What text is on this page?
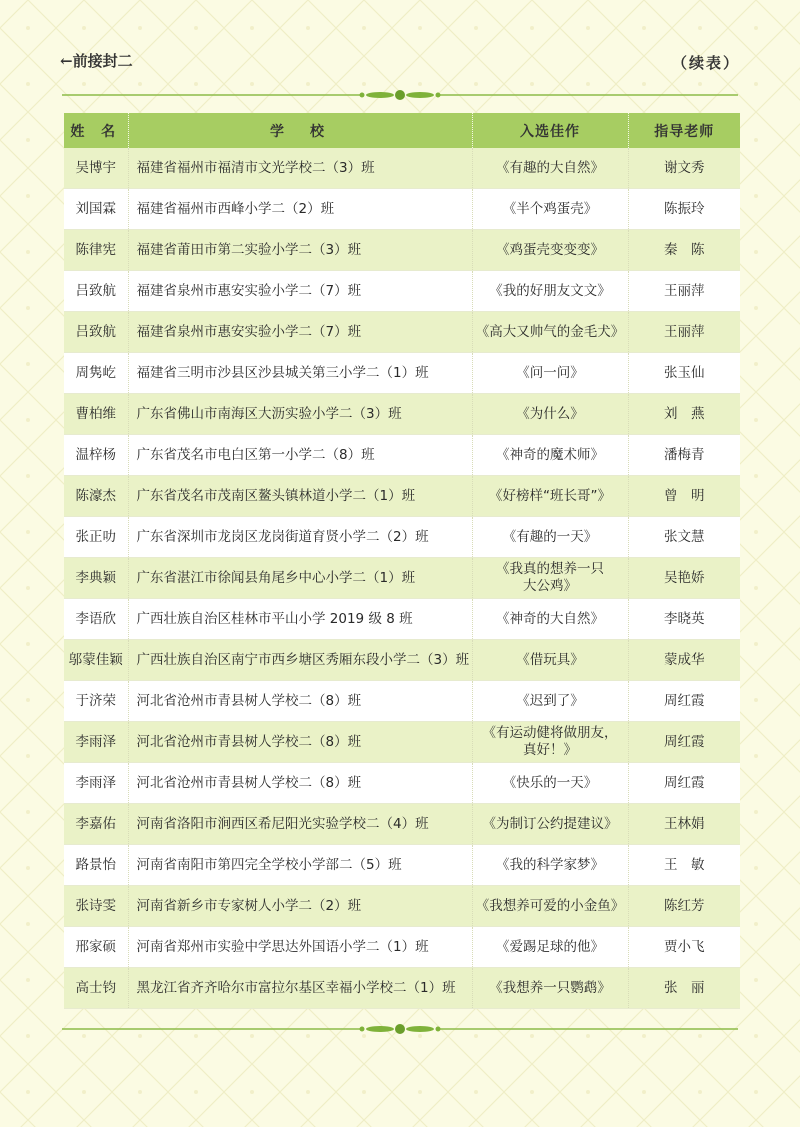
←前接封二	（续表）
姓 名	学　校	入选佳作	指导老师
吴博宇	福建省福州市福清市文光学校二（3）班	《有趣的大自然》	谢文秀
刘国霖	福建省福州市西峰小学二（2）班	《半个鸡蛋壳》	陈振玲
陈律宪	福建省莆田市第二实验小学二（3）班	《鸡蛋壳变变变》	秦　陈
吕致航	福建省泉州市惠安实验小学二（7）班	《我的好朋友文文》	王丽萍
吕致航	福建省泉州市惠安实验小学二（7）班	《高大又帅气的金毛犬》	王丽萍
周隽屹	福建省三明市沙县区沙县城关第三小学二（1）班	《问一问》	张玉仙
曹柏维	广东省佛山市南海区大沥实验小学二（3）班	《为什么》	刘　燕
温梓杨	广东省茂名市电白区第一小学二（8）班	《神奇的魔术师》	潘梅青
陈濠杰	广东省茂名市茂南区鳌头镇林道小学二（1）班	《好榜样“班长哥”》	曾　明
张正叻	广东省深圳市龙岗区龙岗街道育贤小学二（2）班	《有趣的一天》	张文慧
李典颖	广东省湛江市徐闻县角尾乡中心小学二（1）班	《我真的想养一只
大公鸡》	吴艳娇
李语欣	广西壮族自治区桂林市平山小学 2019 级 8 班	《神奇的大自然》	李晓英
邬蒙佳颖	广西壮族自治区南宁市西乡塘区秀厢东段小学二（3）班	《借玩具》	蒙成华
于济荣	河北省沧州市青县树人学校二（8）班	《迟到了》	周红霞
李雨泽	河北省沧州市青县树人学校二（8）班	《有运动健将做朋友，
真好！》	周红霞
李雨泽	河北省沧州市青县树人学校二（8）班	《快乐的一天》	周红霞
李嘉佑	河南省洛阳市涧西区希尼阳光实验学校二（4）班	《为制订公约提建议》	王林娟
路景怡	河南省南阳市第四完全学校小学部二（5）班	《我的科学家梦》	王　敏
张诗雯	河南省新乡市专家树人小学二（2）班	《我想养可爱的小金鱼》	陈红芳
邢家硕	河南省郑州市实验中学思达外国语小学二（1）班	《爱踢足球的他》	贾小飞
高士钧	黑龙江省齐齐哈尔市富拉尔基区幸福小学校二（1）班	《我想养一只鹦鹉》	张　丽
